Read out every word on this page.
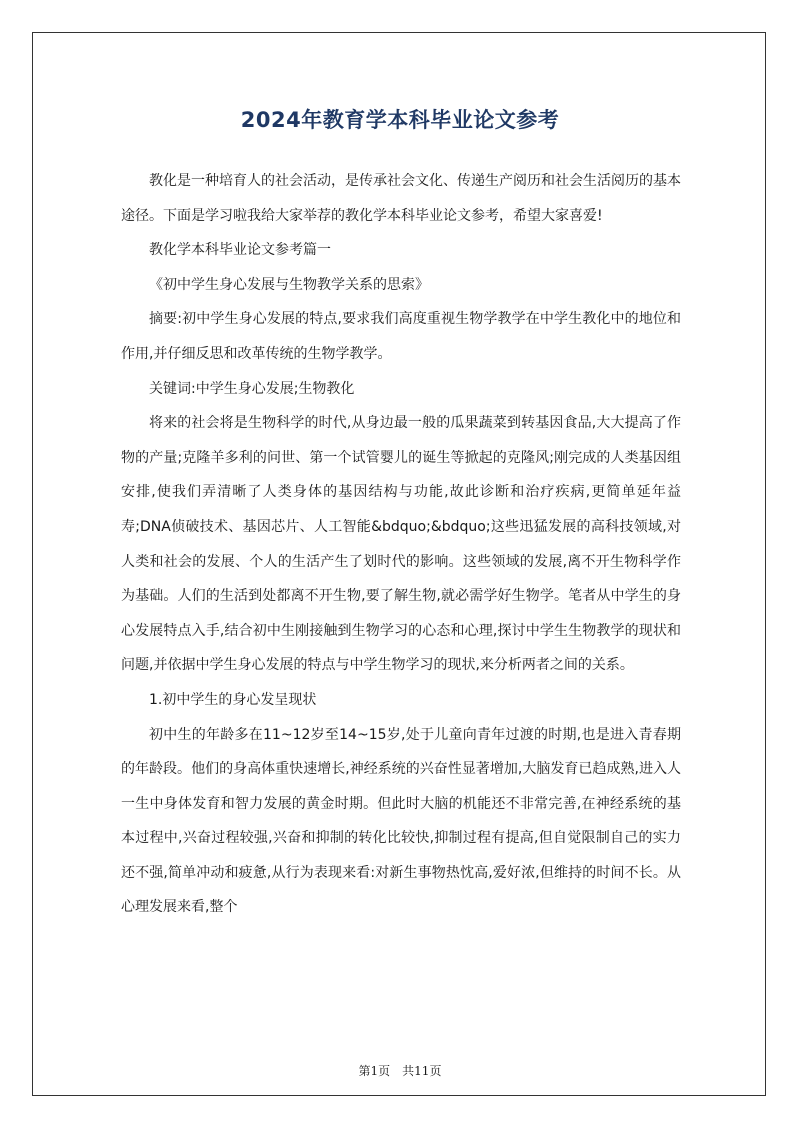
2024年教育学本科毕业论文参考

教化是一种培育人的社会活动，是传承社会文化、传递生产阅历和社会生活阅历的基本途径。下面是学习啦我给大家举荐的教化学本科毕业论文参考，希望大家喜爱!

教化学本科毕业论文参考篇一

《初中学生身心发展与生物教学关系的思索》

摘要:初中学生身心发展的特点,要求我们高度重视生物学教学在中学生教化中的地位和作用,并仔细反思和改革传统的生物学教学。

关键词:中学生身心发展;生物教化

将来的社会将是生物科学的时代,从身边最一般的瓜果蔬菜到转基因食品,大大提高了作物的产量;克隆羊多利的问世、第一个试管婴儿的诞生等掀起的克隆风;刚完成的人类基因组安排,使我们弄清晰了人类身体的基因结构与功能,故此诊断和治疗疾病,更简单延年益寿;DNA侦破技术、基因芯片、人工智能&bdquo;&bdquo;这些迅猛发展的高科技领域,对人类和社会的发展、个人的生活产生了划时代的影响。这些领域的发展,离不开生物科学作为基础。人们的生活到处都离不开生物,要了解生物,就必需学好生物学。笔者从中学生的身心发展特点入手,结合初中生刚接触到生物学习的心态和心理,探讨中学生生物教学的现状和问题,并依据中学生身心发展的特点与中学生物学习的现状,来分析两者之间的关系。

1.初中学生的身心发呈现状

初中生的年龄多在11~12岁至14~15岁,处于儿童向青年过渡的时期,也是进入青春期的年龄段。他们的身高体重快速增长,神经系统的兴奋性显著增加,大脑发育已趋成熟,进入人一生中身体发育和智力发展的黄金时期。但此时大脑的机能还不非常完善,在神经系统的基本过程中,兴奋过程较强,兴奋和抑制的转化比较快,抑制过程有提高,但自觉限制自己的实力还不强,简单冲动和疲惫,从行为表现来看:对新生事物热忱高,爱好浓,但维持的时间不长。从心理发展来看,整个

第1页 共11页
